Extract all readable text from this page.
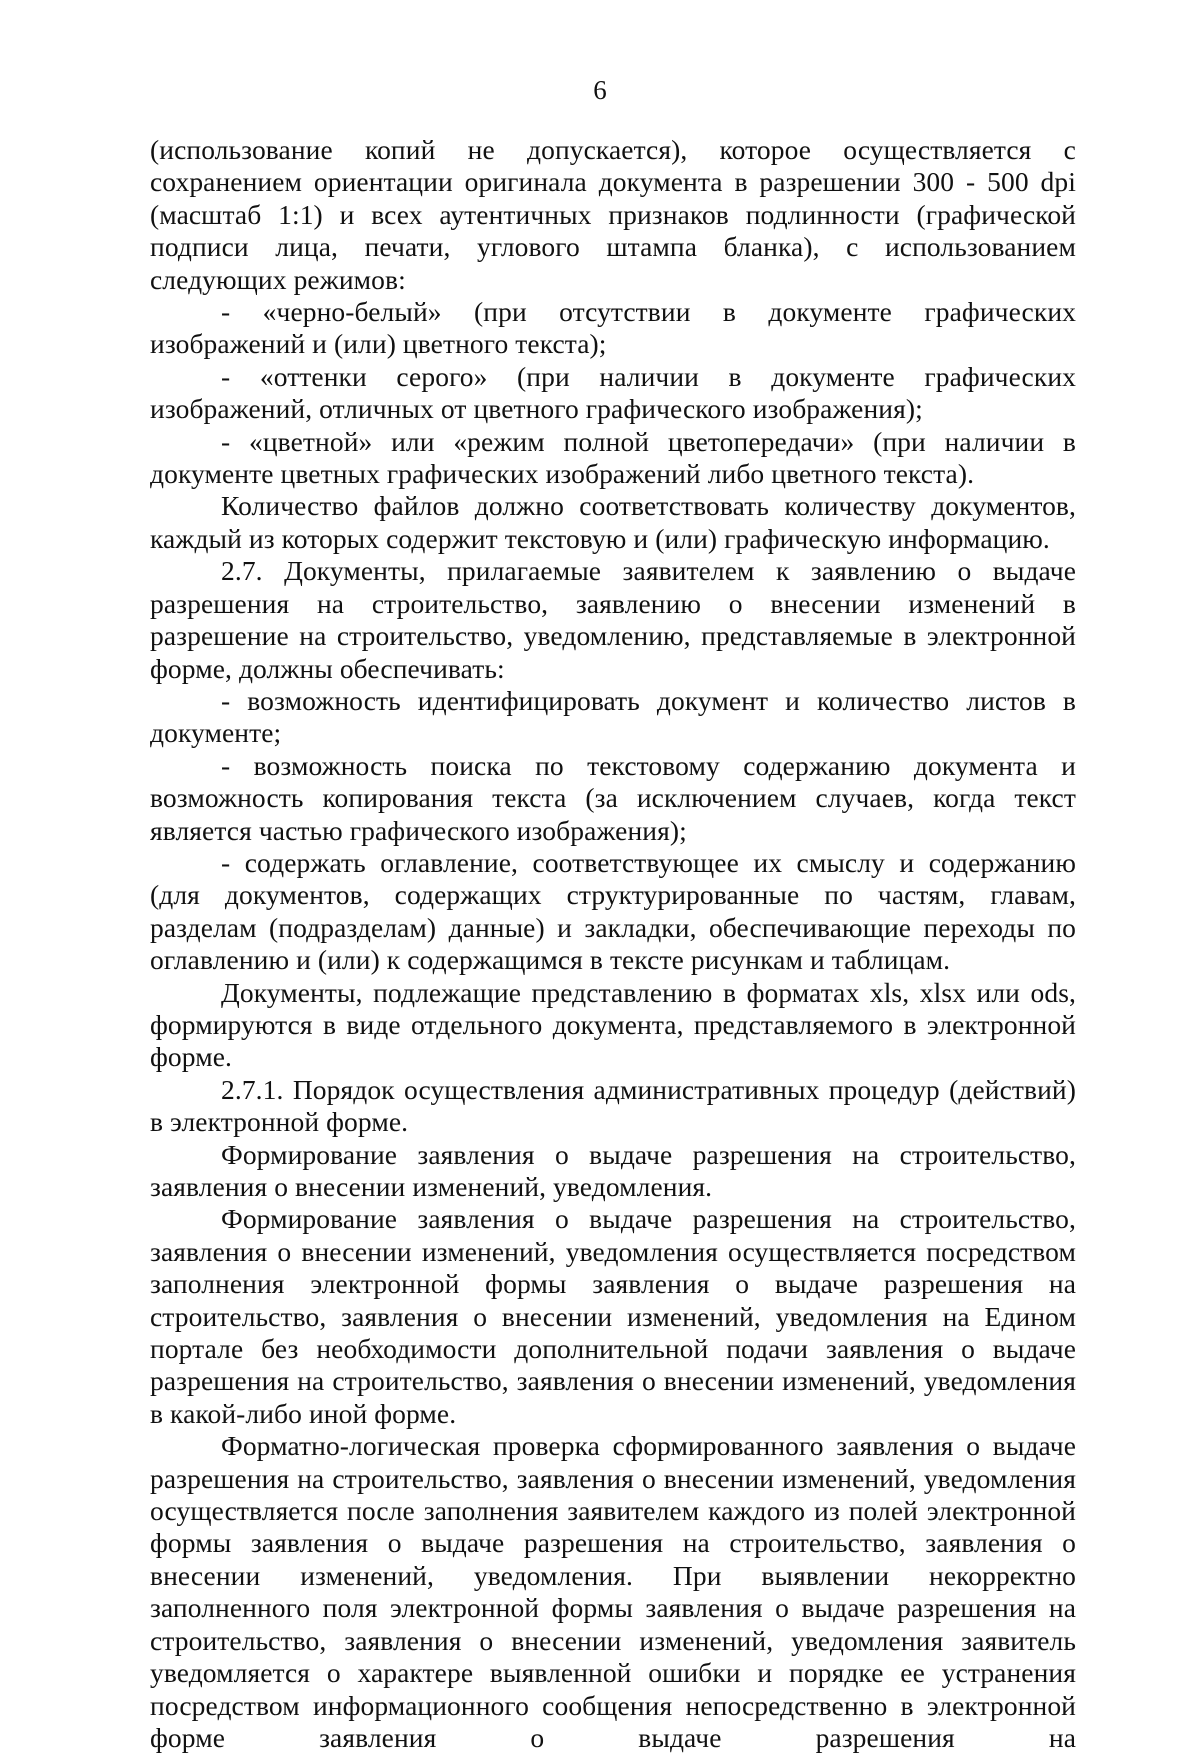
6

(использование копий не допускается), которое осуществляется с сохранением ориентации оригинала документа в разрешении 300 - 500 dpi (масштаб 1:1) и всех аутентичных признаков подлинности (графической подписи лица, печати, углового штампа бланка), с использованием следующих режимов:

- «черно-белый» (при отсутствии в документе графических изображений и (или) цветного текста);

- «оттенки серого» (при наличии в документе графических изображений, отличных от цветного графического изображения);

- «цветной» или «режим полной цветопередачи» (при наличии в документе цветных графических изображений либо цветного текста).

Количество файлов должно соответствовать количеству документов, каждый из которых содержит текстовую и (или) графическую информацию.

2.7. Документы, прилагаемые заявителем к заявлению о выдаче разрешения на строительство, заявлению о внесении изменений в разрешение на строительство, уведомлению, представляемые в электронной форме, должны обеспечивать:

- возможность идентифицировать документ и количество листов в документе;

- возможность поиска по текстовому содержанию документа и возможность копирования текста (за исключением случаев, когда текст является частью графического изображения);

- содержать оглавление, соответствующее их смыслу и содержанию (для документов, содержащих структурированные по частям, главам, разделам (подразделам) данные) и закладки, обеспечивающие переходы по оглавлению и (или) к содержащимся в тексте рисункам и таблицам.

Документы, подлежащие представлению в форматах xls, xlsx или ods, формируются в виде отдельного документа, представляемого в электронной форме.

2.7.1. Порядок осуществления административных процедур (действий) в электронной форме.

Формирование заявления о выдаче разрешения на строительство, заявления о внесении изменений, уведомления.

Формирование заявления о выдаче разрешения на строительство, заявления о внесении изменений, уведомления осуществляется посредством заполнения электронной формы заявления о выдаче разрешения на строительство, заявления о внесении изменений, уведомления на Едином портале без необходимости дополнительной подачи заявления о выдаче разрешения на строительство, заявления о внесении изменений, уведомления в какой-либо иной форме.

Форматно-логическая проверка сформированного заявления о выдаче разрешения на строительство, заявления о внесении изменений, уведомления осуществляется после заполнения заявителем каждого из полей электронной формы заявления о выдаче разрешения на строительство, заявления о внесении изменений, уведомления. При выявлении некорректно заполненного поля электронной формы заявления о выдаче разрешения на строительство, заявления о внесении изменений, уведомления заявитель уведомляется о характере выявленной ошибки и порядке ее устранения посредством информационного сообщения непосредственно в электронной форме заявления о выдаче разрешения на
